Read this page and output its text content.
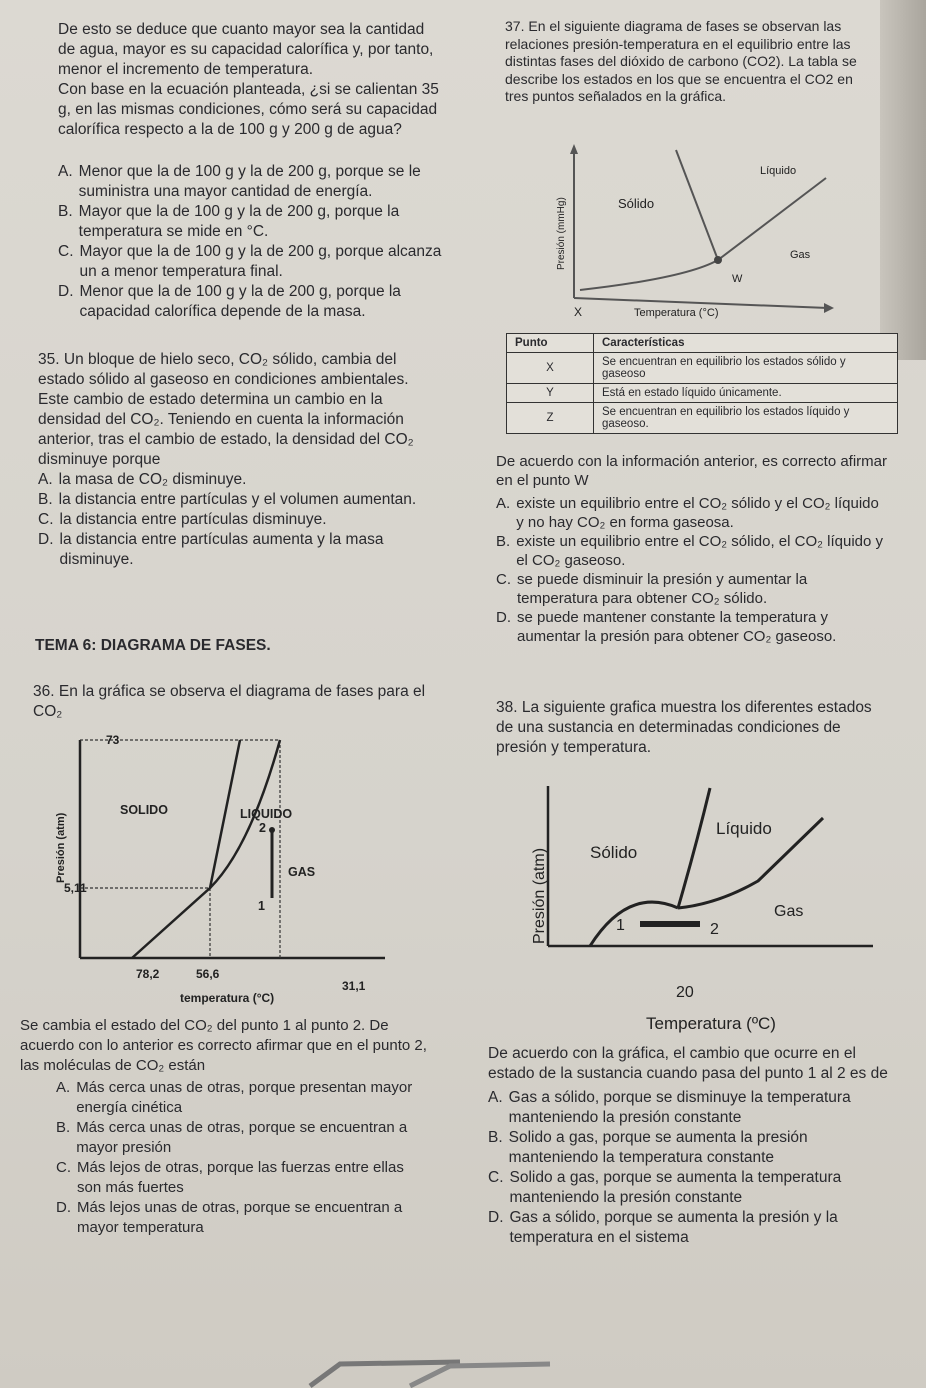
De esto se deduce que cuanto mayor sea la cantidad de agua, mayor es su capacidad calorífica y, por tanto, menor el incremento de temperatura.

Con base en la ecuación planteada, ¿si se calientan 35 g, en las mismas condiciones, cómo será su capacidad calorífica respecto a la de 100 g y 200 g de agua?

A. Menor que la de 100 g y la de 200 g, porque se le suministra una mayor cantidad de energía.
B. Mayor que la de 100 g y la de 200 g, porque la temperatura se mide en °C.
C. Mayor que la de 100 g y la de 200 g, porque alcanza un a menor temperatura final.
D. Menor que la de 100 g y la de 200 g, porque la capacidad calorífica depende de la masa.

35. Un bloque de hielo seco, CO₂ sólido, cambia del estado sólido al gaseoso en condiciones ambientales. Este cambio de estado determina un cambio en la densidad del CO₂. Teniendo en cuenta la información anterior, tras el cambio de estado, la densidad del CO₂ disminuye porque

A. la masa de CO₂ disminuye.
B. la distancia entre partículas y el volumen aumentan.
C. la distancia entre partículas disminuye.
D. la distancia entre partículas aumenta y la masa disminuye.
TEMA 6: DIAGRAMA DE FASES.
36. En la gráfica se observa el diagrama de fases para el CO₂
73
5,11
78,2	56,6
31,1
SOLIDO	LIQUIDO
GAS
1
2
temperatura (°C)
Presión (atm)

Se cambia el estado del CO₂ del punto 1 al punto 2. De acuerdo con lo anterior es correcto afirmar que en el punto 2, las moléculas de CO₂ están

A. Más cerca unas de otras, porque presentan mayor energía cinética
B. Más cerca unas de otras, porque se encuentran a mayor presión
C. Más lejos de otras, porque las fuerzas entre ellas son más fuertes
D. Más lejos unas de otras, porque se encuentran a mayor temperatura
37. En el siguiente diagrama de fases se observan las relaciones presión-temperatura en el equilibrio entre las distintas fases del dióxido de carbono (CO2). La tabla se describe los estados en los que se encuentra el CO2 en tres puntos señalados en la gráfica.
Líquido
Sólido
Gas
W
X	Temperatura (°C)
Presión (mmHg)
Punto	Características
X	Se encuentran en equilibrio los estados sólido y gaseoso
Y	Está en estado líquido únicamente.
Z	Se encuentran en equilibrio los estados líquido y gaseoso.

De acuerdo con la información anterior, es correcto afirmar en el punto W

A. existe un equilibrio entre el CO₂ sólido y el CO₂ líquido y no hay CO₂ en forma gaseosa.
B. existe un equilibrio entre el CO₂ sólido, el CO₂ líquido y el CO₂ gaseoso.
C. se puede disminuir la presión y aumentar la temperatura para obtener CO₂ sólido.
D. se puede mantener constante la temperatura y aumentar la presión para obtener CO₂ gaseoso.
38. La siguiente grafica muestra los diferentes estados de una sustancia en determinadas condiciones de presión y temperatura.
Líquido
Sólido
Gas
1	2
20
Temperatura (ºC)
Presión (atm)

De acuerdo con la gráfica, el cambio que ocurre en el estado de la sustancia cuando pasa del punto 1 al 2 es de

A. Gas a sólido, porque se disminuye la temperatura manteniendo la presión constante
B. Solido a gas, porque se aumenta la presión manteniendo la temperatura constante
C. Solido a gas, porque se aumenta la temperatura manteniendo la presión constante
D. Gas a sólido, porque se aumenta la presión y la temperatura en el sistema
